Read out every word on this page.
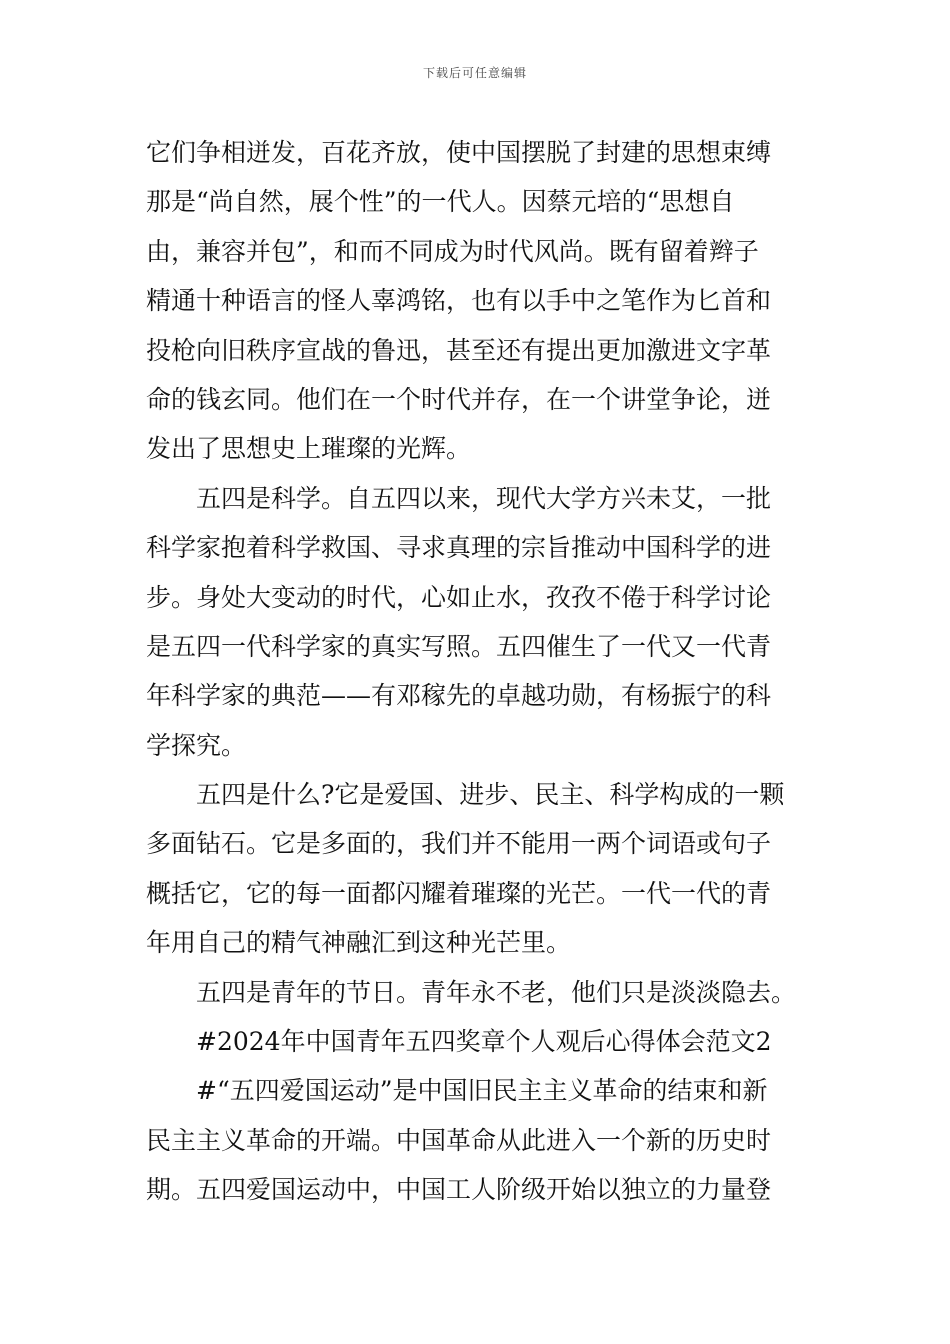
下载后可任意编辑
它们争相迸发，百花齐放，使中国摆脱了封建的思想束缚
那是“尚自然，展个性”的一代人。因蔡元培的“思想自
由，兼容并包”，和而不同成为时代风尚。既有留着辫子
精通十种语言的怪人辜鸿铭，也有以手中之笔作为匕首和
投枪向旧秩序宣战的鲁迅，甚至还有提出更加激进文字革
命的钱玄同。他们在一个时代并存，在一个讲堂争论，迸
发出了思想史上璀璨的光辉。
五四是科学。自五四以来，现代大学方兴未艾，一批
科学家抱着科学救国、寻求真理的宗旨推动中国科学的进
步。身处大变动的时代，心如止水，孜孜不倦于科学讨论
是五四一代科学家的真实写照。五四催生了一代又一代青
年科学家的典范——有邓稼先的卓越功勋，有杨振宁的科
学探究。
五四是什么?它是爱国、进步、民主、科学构成的一颗
多面钻石。它是多面的，我们并不能用一两个词语或句子
概括它，它的每一面都闪耀着璀璨的光芒。一代一代的青
年用自己的精气神融汇到这种光芒里。
五四是青年的节日。青年永不老，他们只是淡淡隐去。
#2024年中国青年五四奖章个人观后心得体会范文2
#“五四爱国运动”是中国旧民主主义革命的结束和新
民主主义革命的开端。中国革命从此进入一个新的历史时
期。五四爱国运动中，中国工人阶级开始以独立的力量登
